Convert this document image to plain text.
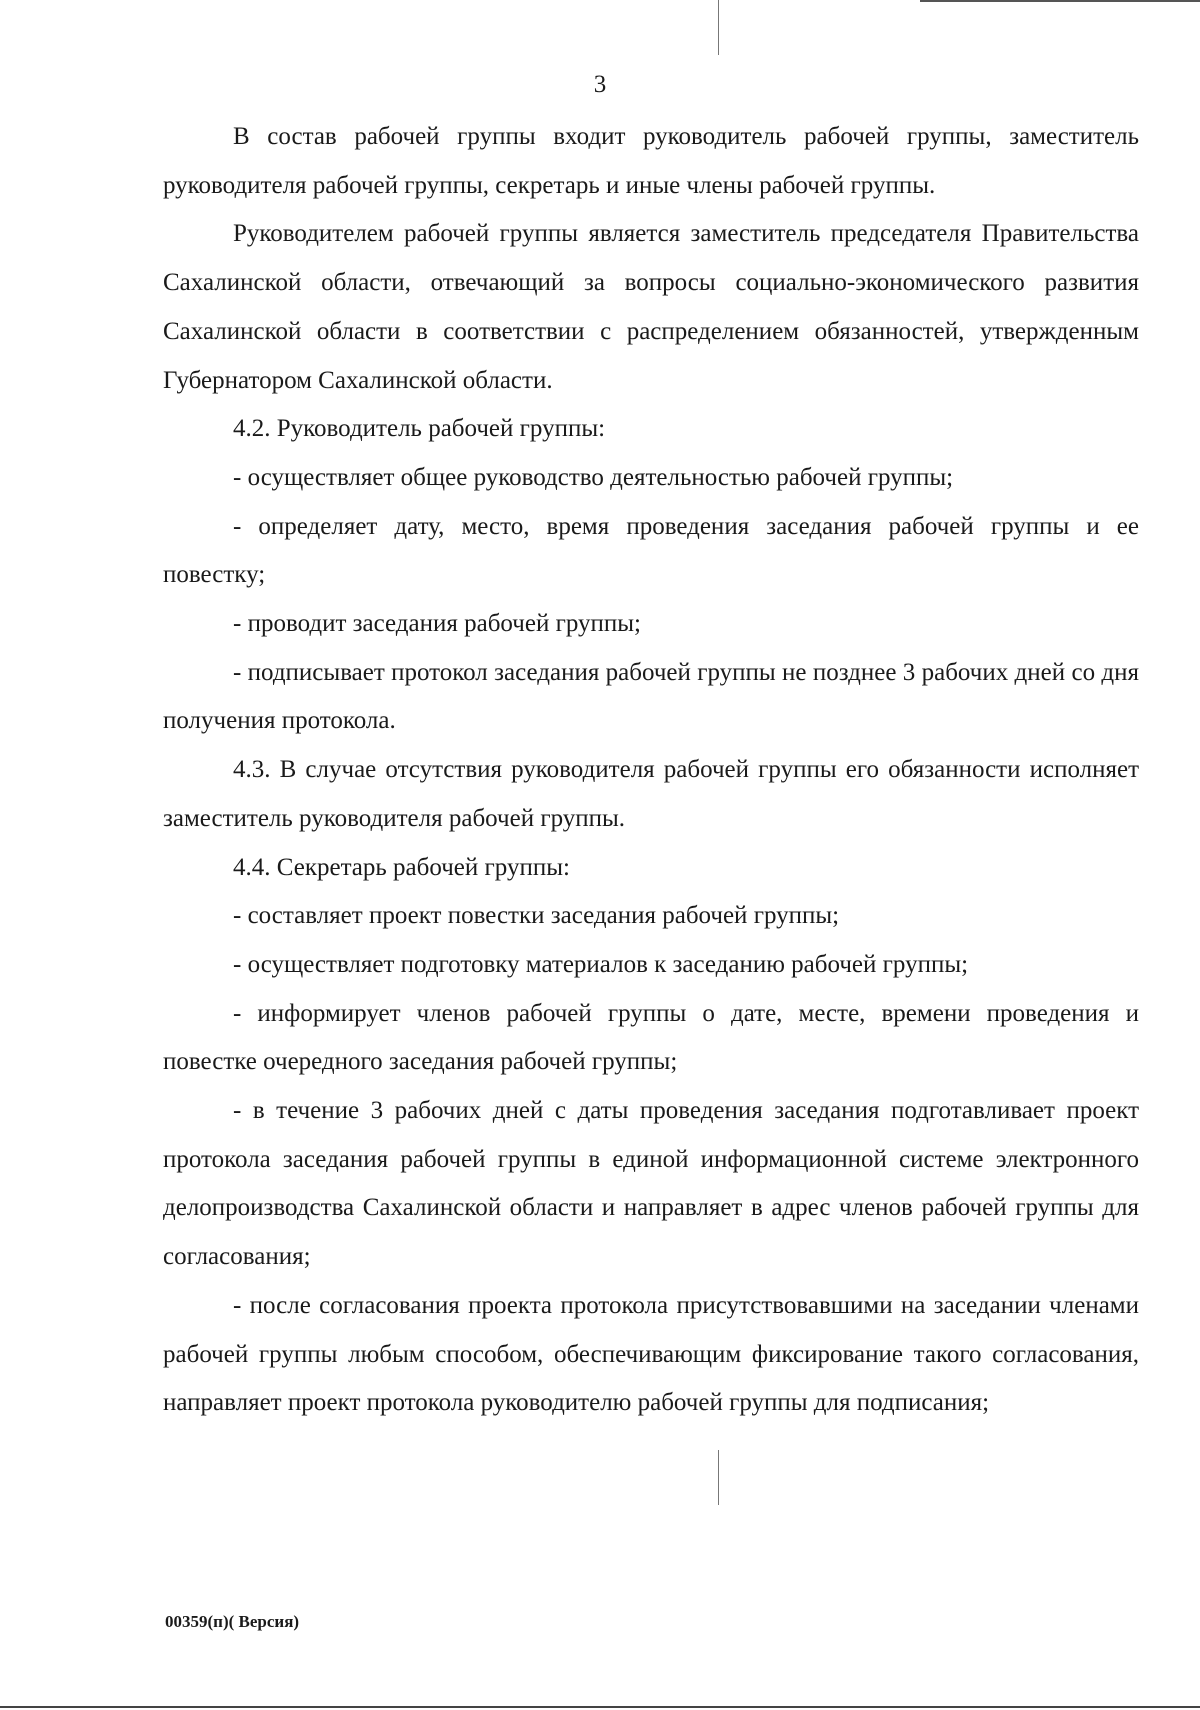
3

В состав рабочей группы входит руководитель рабочей группы, заместитель руководителя рабочей группы, секретарь и иные члены рабочей группы.

Руководителем рабочей группы является заместитель председателя Правительства Сахалинской области, отвечающий за вопросы социально-экономического развития Сахалинской области в соответствии с распределением обязанностей, утвержденным Губернатором Сахалинской области.

4.2. Руководитель рабочей группы:

- осуществляет общее руководство деятельностью рабочей группы;

- определяет дату, место, время проведения заседания рабочей группы и ее повестку;

- проводит заседания рабочей группы;

- подписывает протокол заседания рабочей группы не позднее 3 рабочих дней со дня получения протокола.

4.3. В случае отсутствия руководителя рабочей группы его обязанности исполняет заместитель руководителя рабочей группы.

4.4. Секретарь рабочей группы:

- составляет проект повестки заседания рабочей группы;

- осуществляет подготовку материалов к заседанию рабочей группы;

- информирует членов рабочей группы о дате, месте, времени проведения и повестке очередного заседания рабочей группы;

- в течение 3 рабочих дней с даты проведения заседания подготавливает проект протокола заседания рабочей группы в единой информационной системе электронного делопроизводства Сахалинской области и направляет в адрес членов рабочей группы для согласования;

- после согласования проекта протокола присутствовавшими на заседании членами рабочей группы любым способом, обеспечивающим фиксирование такого согласования, направляет проект протокола руководителю рабочей группы для подписания;

00359(п)( Версия)
